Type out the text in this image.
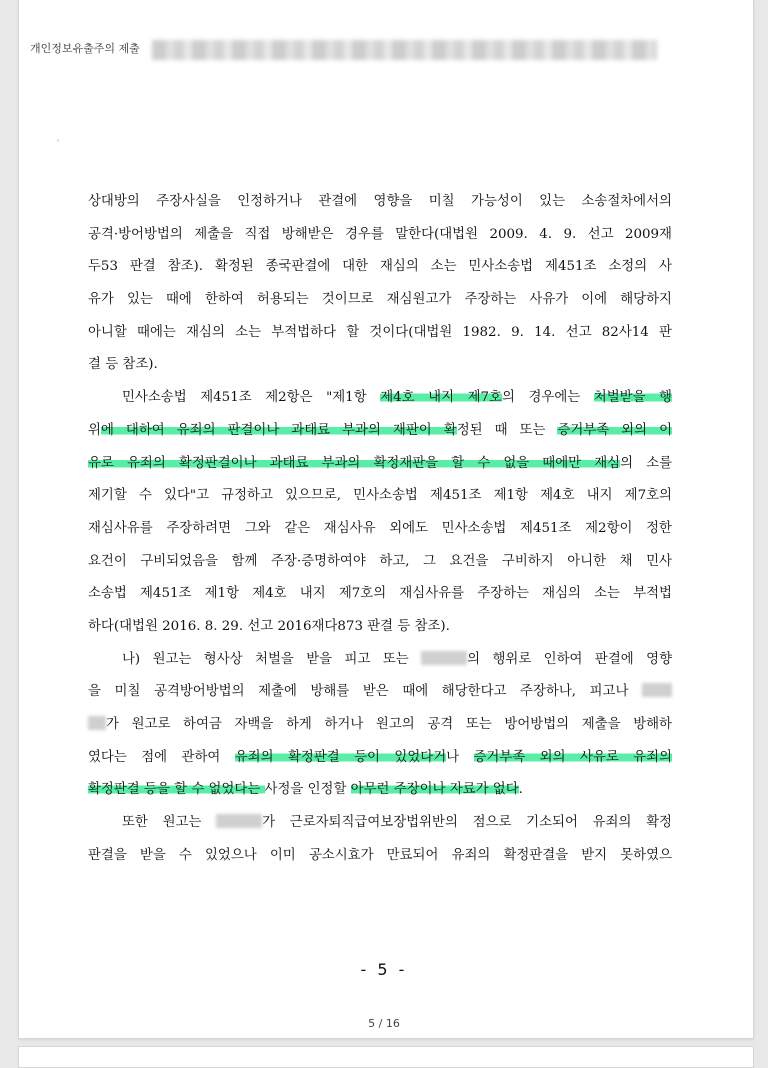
개인정보유출주의 제출
ˊ
상대방의 주장사실을 인정하거나 관결에 영향을 미칠 가능성이 있는 소송절차에서의
공격·방어방법의 제출을 직접 방해받은 경우를 말한다(대법원 2009. 4. 9. 선고 2009재
두53 판결 참조). 확정된 종국판결에 대한 재심의 소는 민사소송법 제451조 소정의 사
유가 있는 때에 한하여 허용되는 것이므로 재심원고가 주장하는 사유가 이에 해당하지
아니할 때에는 재심의 소는 부적법하다 할 것이다(대법원 1982. 9. 14. 선고 82사14 판
결 등 참조).
민사소송법 제451조 제2항은 "제1항 제4호 내지 제7호의 경우에는 처벌받을 행
위에 대하여 유죄의 판결이나 과태료 부과의 재판이 확정된 때 또는 증거부족 외의 이
유로 유죄의 확정판결이나 과태료 부과의 확정재판을 할 수 없을 때에만 재심의 소를
제기할 수 있다"고 규정하고 있으므로, 민사소송법 제451조 제1항 제4호 내지 제7호의
재심사유를 주장하려면 그와 같은 재심사유 외에도 민사소송법 제451조 제2항이 정한
요건이 구비되었음을 함께 주장·증명하여야 하고, 그 요건을 구비하지 아니한 채 민사
소송법 제451조 제1항 제4호 내지 제7호의 재심사유를 주장하는 재심의 소는 부적법
하다(대법원 2016. 8. 29. 선고 2016재다873 판결 등 참조).
나) 원고는 형사상 처벌을 받을 피고 또는	의 행위로 인하여 판결에 영향
을 미칠 공격방어방법의 제출에 방해를 받은 때에 해당한다고 주장하나, 피고나
가 원고로 하여금 자백을 하게 하거나 원고의 공격 또는 방어방법의 제출을 방해하
였다는 점에 관하여 유죄의 확정판결 등이 있었다거나 증거부족 외의 사유로 유죄의
확정판결 등을 할 수 없었다는 사정을 인정할 아무런 주장이나 자료가 없다.
또한 원고는	가 근로자퇴직급여보장법위반의 점으로 기소되어 유죄의 확정
판결을 받을 수 있었으나 이미 공소시효가 만료되어 유죄의 확정판결을 받지 못하였으
- 5 -
5 / 16
